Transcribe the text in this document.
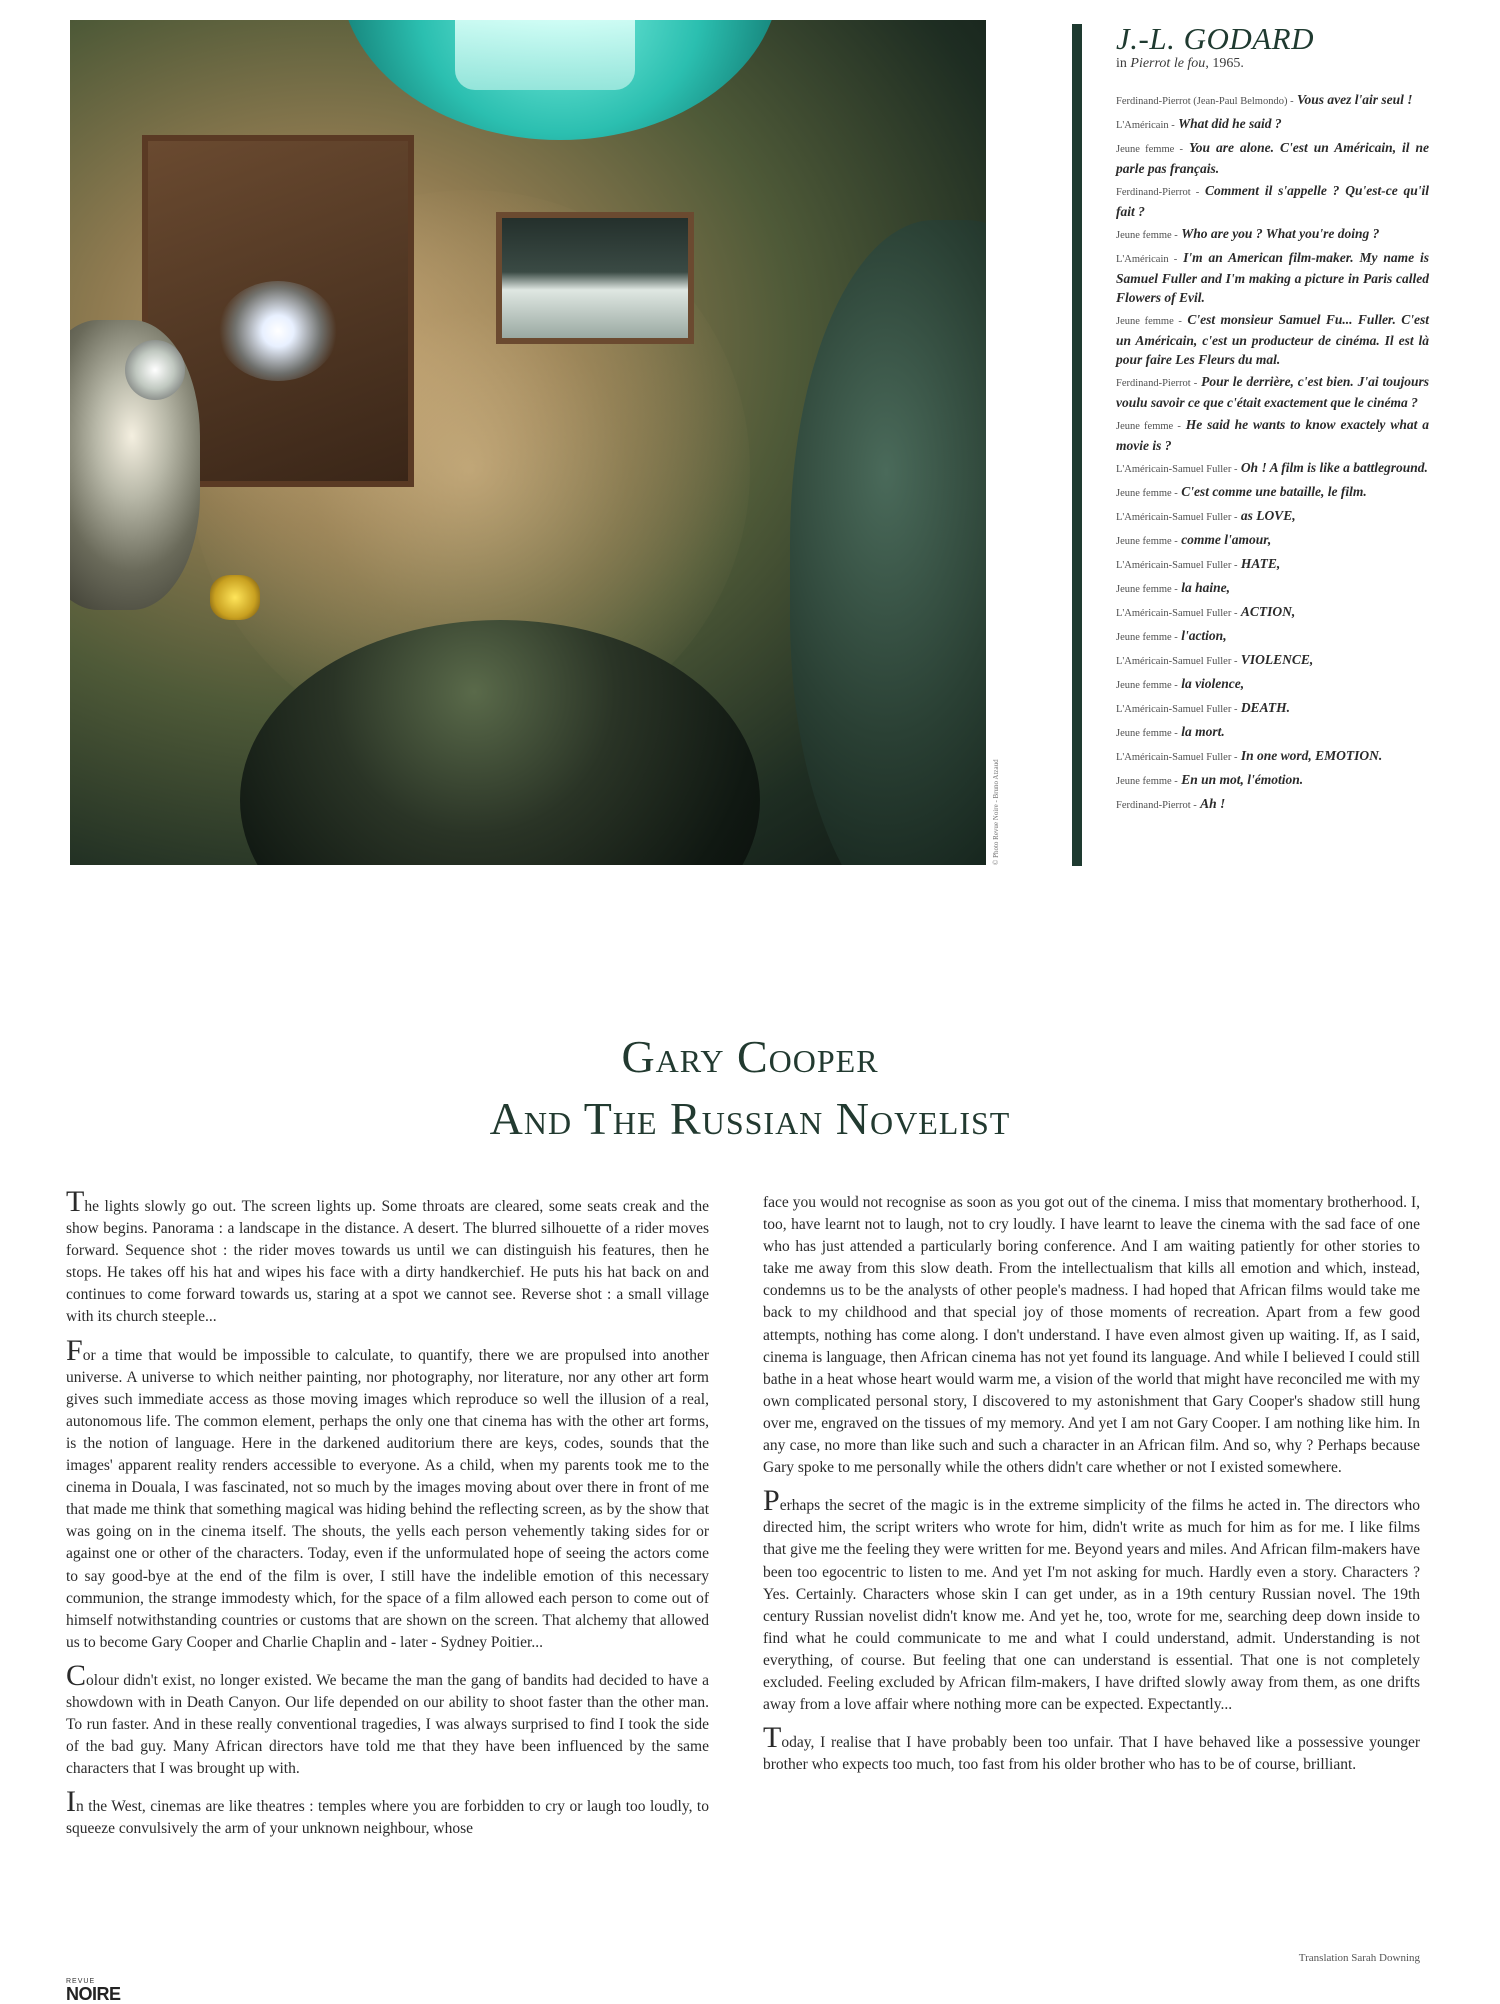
© Photo Revue Noire - Bruno Atzaud
J.-L. GODARD
in Pierrot le fou, 1965.
Ferdinand-Pierrot (Jean-Paul Belmondo) - Vous avez l'air seul !
L'Américain - What did he said ?
Jeune femme - You are alone. C'est un Américain, il ne parle pas français.
Ferdinand-Pierrot - Comment il s'appelle ? Qu'est-ce qu'il fait ?
Jeune femme - Who are you ? What you're doing ?
L'Américain - I'm an American film-maker. My name is Samuel Fuller and I'm making a picture in Paris called Flowers of Evil.
Jeune femme - C'est monsieur Samuel Fu... Fuller. C'est un Américain, c'est un producteur de cinéma. Il est là pour faire Les Fleurs du mal.
Ferdinand-Pierrot - Pour le derrière, c'est bien. J'ai toujours voulu savoir ce que c'était exactement que le cinéma ?
Jeune femme - He said he wants to know exactely what a movie is ?
L'Américain-Samuel Fuller - Oh ! A film is like a battleground.
Jeune femme - C'est comme une bataille, le film.
L'Américain-Samuel Fuller - as LOVE,
Jeune femme - comme l'amour,
L'Américain-Samuel Fuller - HATE,
Jeune femme - la haine,
L'Américain-Samuel Fuller - ACTION,
Jeune femme - l'action,
L'Américain-Samuel Fuller - VIOLENCE,
Jeune femme - la violence,
L'Américain-Samuel Fuller - DEATH.
Jeune femme - la mort.
L'Américain-Samuel Fuller - In one word, EMOTION.
Jeune femme - En un mot, l'émotion.
Ferdinand-Pierrot - Ah !
Gary Cooper
And The Russian Novelist

The lights slowly go out. The screen lights up. Some throats are cleared, some seats creak and the show begins. Panorama : a landscape in the distance. A desert. The blurred silhouette of a rider moves forward. Sequence shot : the rider moves towards us until we can distinguish his features, then he stops. He takes off his hat and wipes his face with a dirty handkerchief. He puts his hat back on and continues to come forward towards us, staring at a spot we cannot see. Reverse shot : a small village with its church steeple...

For a time that would be impossible to calculate, to quantify, there we are propulsed into another universe. A universe to which neither painting, nor photography, nor literature, nor any other art form gives such immediate access as those moving images which reproduce so well the illusion of a real, autonomous life. The common element, perhaps the only one that cinema has with the other art forms, is the notion of language. Here in the darkened auditorium there are keys, codes, sounds that the images' apparent reality renders accessible to everyone. As a child, when my parents took me to the cinema in Douala, I was fascinated, not so much by the images moving about over there in front of me that made me think that something magical was hiding behind the reflecting screen, as by the show that was going on in the cinema itself. The shouts, the yells each person vehemently taking sides for or against one or other of the characters. Today, even if the unformulated hope of seeing the actors come to say good-bye at the end of the film is over, I still have the indelible emotion of this necessary communion, the strange immodesty which, for the space of a film allowed each person to come out of himself notwithstanding countries or customs that are shown on the screen. That alchemy that allowed us to become Gary Cooper and Charlie Chaplin and - later - Sydney Poitier...

Colour didn't exist, no longer existed. We became the man the gang of bandits had decided to have a showdown with in Death Canyon. Our life depended on our ability to shoot faster than the other man. To run faster. And in these really conventional tragedies, I was always surprised to find I took the side of the bad guy. Many African directors have told me that they have been influenced by the same characters that I was brought up with.

In the West, cinemas are like theatres : temples where you are forbidden to cry or laugh too loudly, to squeeze convulsively the arm of your unknown neighbour, whose

face you would not recognise as soon as you got out of the cinema. I miss that momentary brotherhood. I, too, have learnt not to laugh, not to cry loudly. I have learnt to leave the cinema with the sad face of one who has just attended a particularly boring conference. And I am waiting patiently for other stories to take me away from this slow death. From the intellectualism that kills all emotion and which, instead, condemns us to be the analysts of other people's madness. I had hoped that African films would take me back to my childhood and that special joy of those moments of recreation. Apart from a few good attempts, nothing has come along. I don't understand. I have even almost given up waiting. If, as I said, cinema is language, then African cinema has not yet found its language. And while I believed I could still bathe in a heat whose heart would warm me, a vision of the world that might have reconciled me with my own complicated personal story, I discovered to my astonishment that Gary Cooper's shadow still hung over me, engraved on the tissues of my memory. And yet I am not Gary Cooper. I am nothing like him. In any case, no more than like such and such a character in an African film. And so, why ? Perhaps because Gary spoke to me personally while the others didn't care whether or not I existed somewhere.

Perhaps the secret of the magic is in the extreme simplicity of the films he acted in. The directors who directed him, the script writers who wrote for him, didn't write as much for him as for me. I like films that give me the feeling they were written for me. Beyond years and miles. And African film-makers have been too egocentric to listen to me. And yet I'm not asking for much. Hardly even a story. Characters ? Yes. Certainly. Characters whose skin I can get under, as in a 19th century Russian novel. The 19th century Russian novelist didn't know me. And yet he, too, wrote for me, searching deep down inside to find what he could communicate to me and what I could understand, admit. Understanding is not everything, of course. But feeling that one can understand is essential. That one is not completely excluded. Feeling excluded by African film-makers, I have drifted slowly away from them, as one drifts away from a love affair where nothing more can be expected. Expectantly...

Today, I realise that I have probably been too unfair. That I have behaved like a possessive younger brother who expects too much, too fast from his older brother who has to be of course, brilliant.

Translation Sarah Downing
REVUE
NOIRE
